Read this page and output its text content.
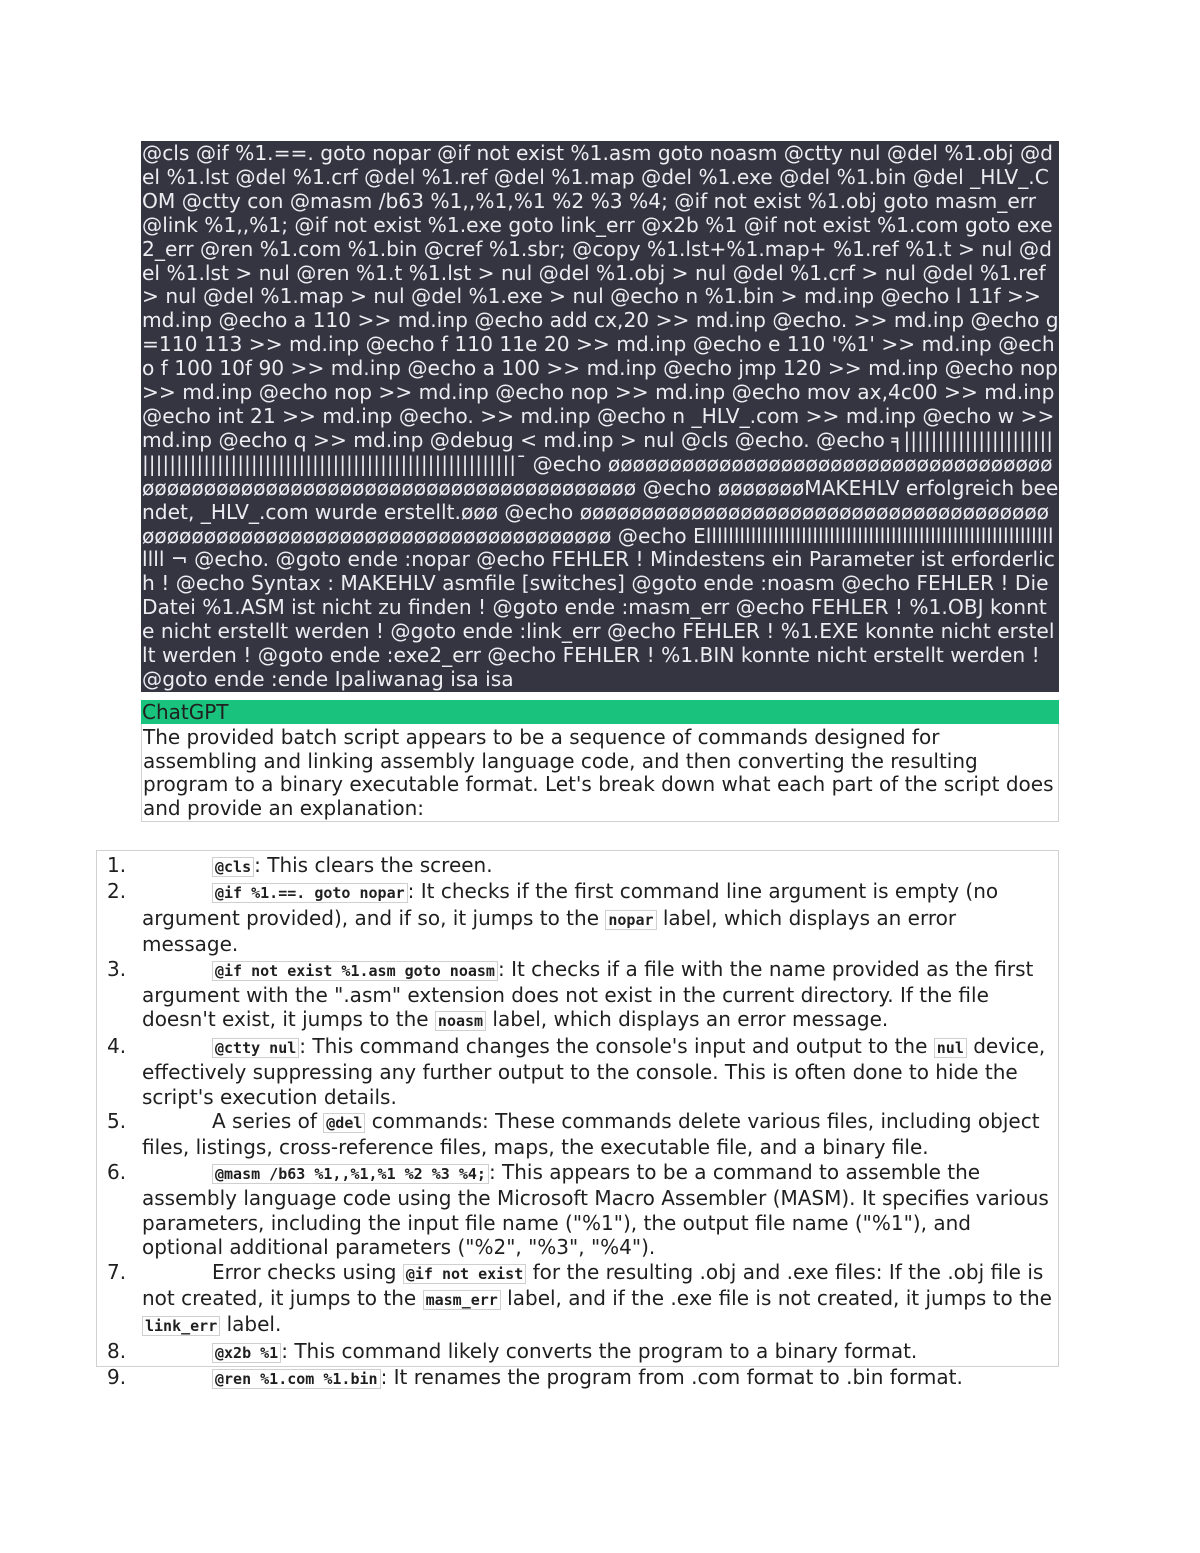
@cls @if %1.==. goto nopar @if not exist %1.asm goto noasm @ctty nul @del %1.obj @del %1.lst @del %1.crf @del %1.ref @del %1.map @del %1.exe @del %1.bin @del _HLV_.COM @ctty con @masm /b63 %1,,%1,%1 %2 %3 %4; @if not exist %1.obj goto masm_err @link %1,,%1; @if not exist %1.exe goto link_err @x2b %1 @if not exist %1.com goto exe2_err @ren %1.com %1.bin @cref %1.sbr; @copy %1.lst+%1.map+ %1.ref %1.t > nul @del %1.lst > nul @ren %1.t %1.lst > nul @del %1.obj > nul @del %1.crf > nul @del %1.ref > nul @del %1.map > nul @del %1.exe > nul @echo n %1.bin > md.inp @echo l 11f >> md.inp @echo a 110 >> md.inp @echo add cx,20 >> md.inp @echo. >> md.inp @echo g =110 113 >> md.inp @echo f 110 11e 20 >> md.inp @echo e 110 '%1' >> md.inp @echo f 100 10f 90 >> md.inp @echo a 100 >> md.inp @echo jmp 120 >> md.inp @echo nop >> md.inp @echo nop >> md.inp @echo nop >> md.inp @echo mov ax,4c00 >> md.inp @echo int 21 >> md.inp @echo. >> md.inp @echo n _HLV_.com >> md.inp @echo w >> md.inp @echo q >> md.inp @debug < md.inp > nul @cls @echo. @echo ╕|||||||||||||||||||||||||||||||||||||||||||||||||||||||||||||||||||||||||||||¯ @echo øøøøøøøøøøøøøøøøøøøøøøøøøøøøøøøøøøøøøøøøøøøøøøøøøøøøøøøøøøøøøøøøøøøøøøøøøøøø @echo øøøøøøøMAKEHLV erfolgreich beendet, _HLV_.com wurde erstellt.øøø @echo øøøøøøøøøøøøøøøøøøøøøøøøøøøøøøøøøøøøøøøøøøøøøøøøøøøøøøøøøøøøøøøøøøøøøøøøøøøø @echo Ellllllllllllllllllllllllllllllllllllllllllllllllllllllllllllllllll ¬ @echo. @goto ende :nopar @echo FEHLER ! Mindestens ein Parameter ist erforderlich ! @echo Syntax : MAKEHLV asmfile [switches] @goto ende :noasm @echo FEHLER ! Die Datei %1.ASM ist nicht zu finden ! @goto ende :masm_err @echo FEHLER ! %1.OBJ konnte nicht erstellt werden ! @goto ende :link_err @echo FEHLER ! %1.EXE konnte nicht erstellt werden ! @goto ende :exe2_err @echo FEHLER ! %1.BIN konnte nicht erstellt werden ! @goto ende :ende Ipaliwanag isa isa
ChatGPT
The provided batch script appears to be a sequence of commands designed for assembling and linking assembly language code, and then converting the resulting program to a binary executable format. Let's break down what each part of the script does and provide an explanation:
1.	@cls : This clears the screen.
2.	@if %1.==. goto nopar : It checks if the first command line argument is empty (no argument provided), and if so, it jumps to the nopar label, which displays an error message.
3.	@if not exist %1.asm goto noasm : It checks if a file with the name provided as the first argument with the ".asm" extension does not exist in the current directory. If the file doesn't exist, it jumps to the noasm label, which displays an error message.
4.	@ctty nul : This command changes the console's input and output to the nul device, effectively suppressing any further output to the console. This is often done to hide the script's execution details.
5.	A series of @del commands: These commands delete various files, including object files, listings, cross-reference files, maps, the executable file, and a binary file.
6.	@masm /b63 %1,,%1,%1 %2 %3 %4; : This appears to be a command to assemble the assembly language code using the Microsoft Macro Assembler (MASM). It specifies various parameters, including the input file name ("%1"), the output file name ("%1"), and optional additional parameters ("%2", "%3", "%4").
7.	Error checks using @if not exist for the resulting .obj and .exe files: If the .obj file is not created, it jumps to the masm_err label, and if the .exe file is not created, it jumps to the link_err label.
8.	@x2b %1 : This command likely converts the program to a binary format.
9.	@ren %1.com %1.bin : It renames the program from .com format to .bin format.
